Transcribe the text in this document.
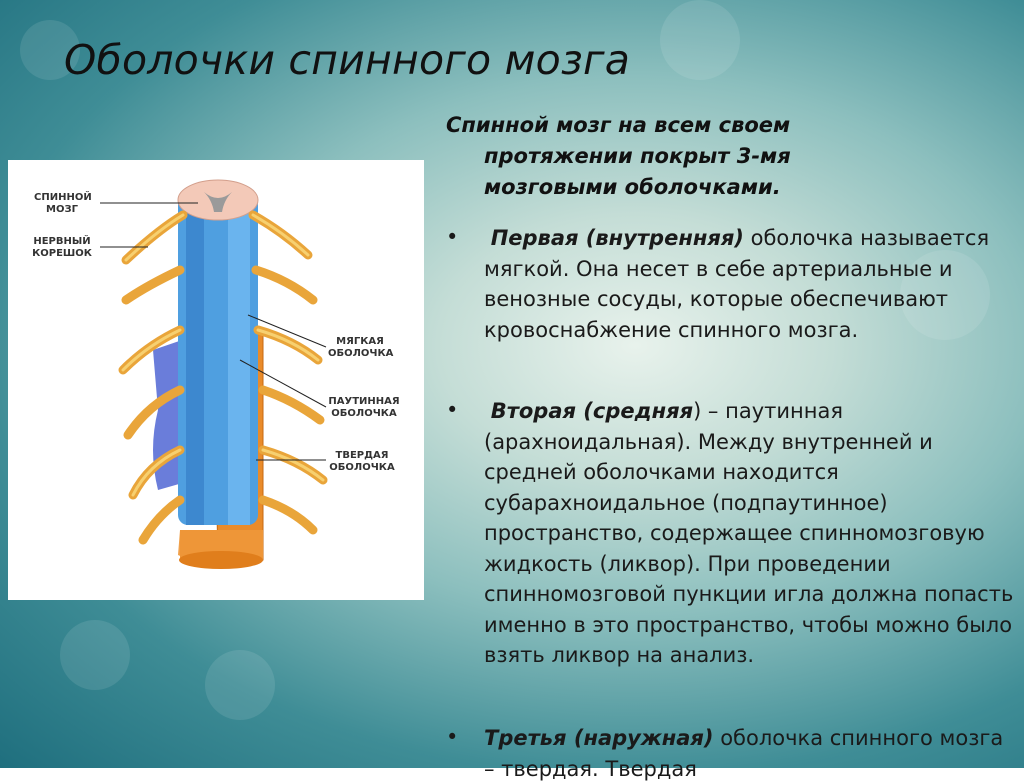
Оболочки спинного мозга
СПИННОЙ МОЗГ
НЕРВНЫЙ КОРЕШОК
МЯГКАЯ ОБОЛОЧКА
ПАУТИННАЯ ОБОЛОЧКА
ТВЕРДАЯ ОБОЛОЧКА

Спинной мозг на всем своем
протяжении покрыт 3-мя
мозговыми оболочками.

•	Первая (внутренняя) оболочка называется мягкой. Она несет в себе артериальные и венозные сосуды, которые обеспечивают кровоснабжение спинного мозга.
•	Вторая (средняя) – паутинная (арахноидальная). Между внутренней и средней оболочками находится субарахноидальное (подпаутинное) пространство, содержащее спинномозговую жидкость (ликвор). При проведении спинномозговой пункции игла должна попасть именно в это пространство, чтобы можно было взять ликвор на анализ.
•	Третья (наружная) оболочка спинного мозга – твердая. Твердая
